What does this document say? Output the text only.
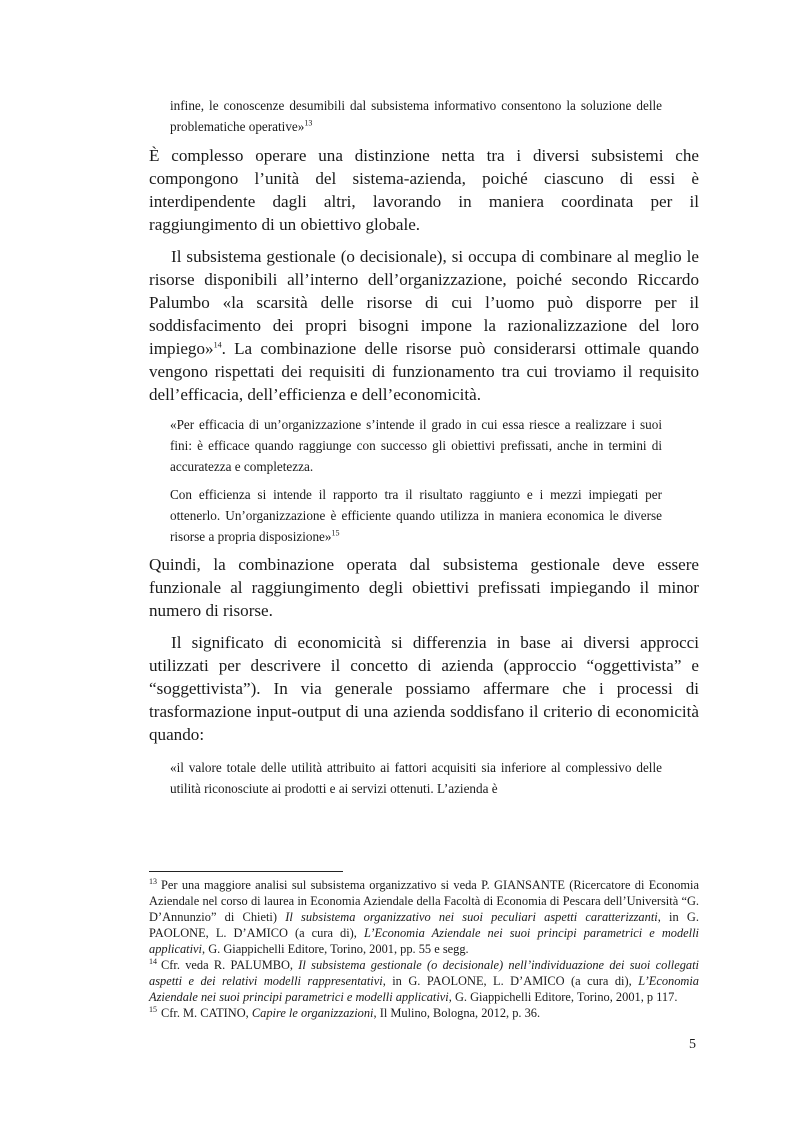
infine, le conoscenze desumibili dal subsistema informativo consentono la soluzione delle problematiche operative»$^{13}$

È complesso operare una distinzione netta tra i diversi subsistemi che compongono l’unità del sistema-azienda, poiché ciascuno di essi è interdipendente dagli altri, lavorando in maniera coordinata per il raggiungimento di un obiettivo globale.

Il subsistema gestionale (o decisionale), si occupa di combinare al meglio le risorse disponibili all’interno dell’organizzazione, poiché secondo Riccardo Palumbo «la scarsità delle risorse di cui l’uomo può disporre per il soddisfacimento dei propri bisogni impone la razionalizzazione del loro impiego»$^{14}$. La combinazione delle risorse può considerarsi ottimale quando vengono rispettati dei requisiti di funzionamento tra cui troviamo il requisito dell’efficacia, dell’efficienza e dell’economicità.

«Per efficacia di un’organizzazione s’intende il grado in cui essa riesce a realizzare i suoi fini: è efficace quando raggiunge con successo gli obiettivi prefissati, anche in termini di accuratezza e completezza.

Con efficienza si intende il rapporto tra il risultato raggiunto e i mezzi impiegati per ottenerlo. Un’organizzazione è efficiente quando utilizza in maniera economica le diverse risorse a propria disposizione»$^{15}$

Quindi, la combinazione operata dal subsistema gestionale deve essere funzionale al raggiungimento degli obiettivi prefissati impiegando il minor numero di risorse.

Il significato di economicità si differenzia in base ai diversi approcci utilizzati per descrivere il concetto di azienda (approccio “oggettivista” e “soggettivista”). In via generale possiamo affermare che i processi di trasformazione input-output di una azienda soddisfano il criterio di economicità quando:

«il valore totale delle utilità attribuito ai fattori acquisiti sia inferiore al complessivo delle utilità riconosciute ai prodotti e ai servizi ottenuti. L’azienda è

$^{13}$ Per una maggiore analisi sul subsistema organizzativo si veda P. GIANSANTE (Ricercatore di Economia Aziendale nel corso di laurea in Economia Aziendale della Facoltà di Economia di Pescara dell’Università “G. D’Annunzio” di Chieti) Il subsistema organizzativo nei suoi peculiari aspetti caratterizzanti, in G. PAOLONE, L. D’AMICO (a cura di), L’Economia Aziendale nei suoi principi parametrici e modelli applicativi, G. Giappichelli Editore, Torino, 2001, pp. 55 e segg.

$^{14}$ Cfr. veda R. PALUMBO, Il subsistema gestionale (o decisionale) nell’individuazione dei suoi collegati aspetti e dei relativi modelli rappresentativi, in G. PAOLONE, L. D’AMICO (a cura di), L’Economia Aziendale nei suoi principi parametrici e modelli applicativi, G. Giappichelli Editore, Torino, 2001, p 117.

$^{15}$ Cfr. M. CATINO, Capire le organizzazioni, Il Mulino, Bologna, 2012, p. 36.

5
